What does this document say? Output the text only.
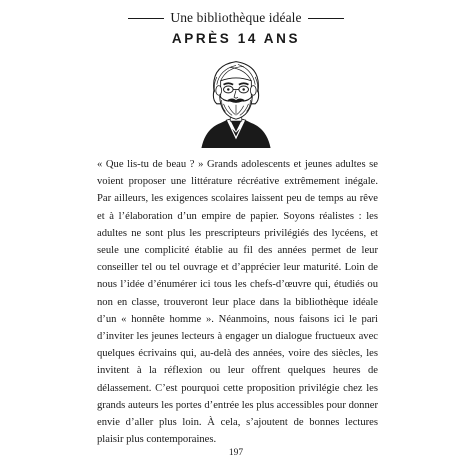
Une bibliothèque idéale
APRÈS 14 ANS

« Que lis-tu de beau ? » Grands adolescents et jeunes adultes se voient proposer une littérature récréative extrêmement inégale. Par ailleurs, les exigences scolaires laissent peu de temps au rêve et à l’élaboration d’un empire de papier. Soyons réalistes : les adultes ne sont plus les prescripteurs privilégiés des lycéens, et seule une complicité établie au fil des années permet de leur conseiller tel ou tel ouvrage et d’apprécier leur maturité. Loin de nous l’idée d’énumérer ici tous les chefs-d’œuvre qui, étudiés ou non en classe, trouveront leur place dans la bibliothèque idéale d’un « honnête homme ». Néanmoins, nous faisons ici le pari d’inviter les jeunes lecteurs à engager un dialogue fructueux avec quelques écrivains qui, au-delà des années, voire des siècles, les invitent à la réflexion ou leur offrent quelques heures de délassement. C’est pourquoi cette proposition privilégie chez les grands auteurs les portes d’entrée les plus accessibles pour donner envie d’aller plus loin. À cela, s’ajoutent de bonnes lectures plaisir plus contemporaines.

197
